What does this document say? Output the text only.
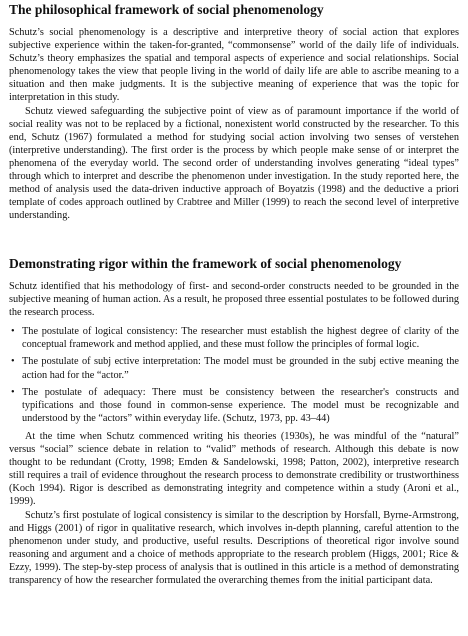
The philosophical framework of social phenomenology

Schutz’s social phenomenology is a descriptive and interpretive theory of social action that explores subjective experience within the taken-for-granted, “commonsense” world of the daily life of individuals. Schutz’s theory emphasizes the spatial and temporal aspects of experience and social relationships. Social phenomenology takes the view that people living in the world of daily life are able to ascribe meaning to a situation and then make judgments. It is the subjective meaning of experience that was the topic for interpretation in this study.

Schutz viewed safeguarding the subjective point of view as of paramount importance if the world of social reality was not to be replaced by a fictional, nonexistent world constructed by the researcher. To this end, Schutz (1967) formulated a method for studying social action involving two senses of verstehen (interpretive understanding). The first order is the process by which people make sense of or interpret the phenomena of the everyday world. The second order of understanding involves generating “ideal types” through which to interpret and describe the phenomenon under investigation. In the study reported here, the method of analysis used the data-driven inductive approach of Boyatzis (1998) and the deductive a priori template of codes approach outlined by Crabtree and Miller (1999) to reach the second level of interpretive understanding.

Demonstrating rigor within the framework of social phenomenology

Schutz identified that his methodology of first- and second-order constructs needed to be grounded in the subjective meaning of human action. As a result, he proposed three essential postulates to be followed during the research process.

• The postulate of logical consistency: The researcher must establish the highest degree of clarity of the conceptual framework and method applied, and these must follow the principles of formal logic.
• The postulate of subj ective interpretation: The model must be grounded in the subj ective meaning the action had for the “actor.”
• The postulate of adequacy: There must be consistency between the researcher's constructs and typifications and those found in common-sense experience. The model must be recognizable and understood by the “actors” within everyday life. (Schutz, 1973, pp. 43–44)

At the time when Schutz commenced writing his theories (1930s), he was mindful of the “natural” versus “social” science debate in relation to “valid” methods of research. Although this debate is now thought to be redundant (Crotty, 1998; Emden & Sandelowski, 1998; Patton, 2002), interpretive research still requires a trail of evidence throughout the research process to demonstrate credibility or trustworthiness (Koch 1994). Rigor is described as demonstrating integrity and competence within a study (Aroni et al., 1999).

Schutz’s first postulate of logical consistency is similar to the description by Horsfall, Byrne-Armstrong, and Higgs (2001) of rigor in qualitative research, which involves in-depth planning, careful attention to the phenomenon under study, and productive, useful results. Descriptions of theoretical rigor involve sound reasoning and argument and a choice of methods appropriate to the research problem (Higgs, 2001; Rice & Ezzy, 1999). The step-by-step process of analysis that is outlined in this article is a method of demonstrating transparency of how the researcher formulated the overarching themes from the initial participant data.
